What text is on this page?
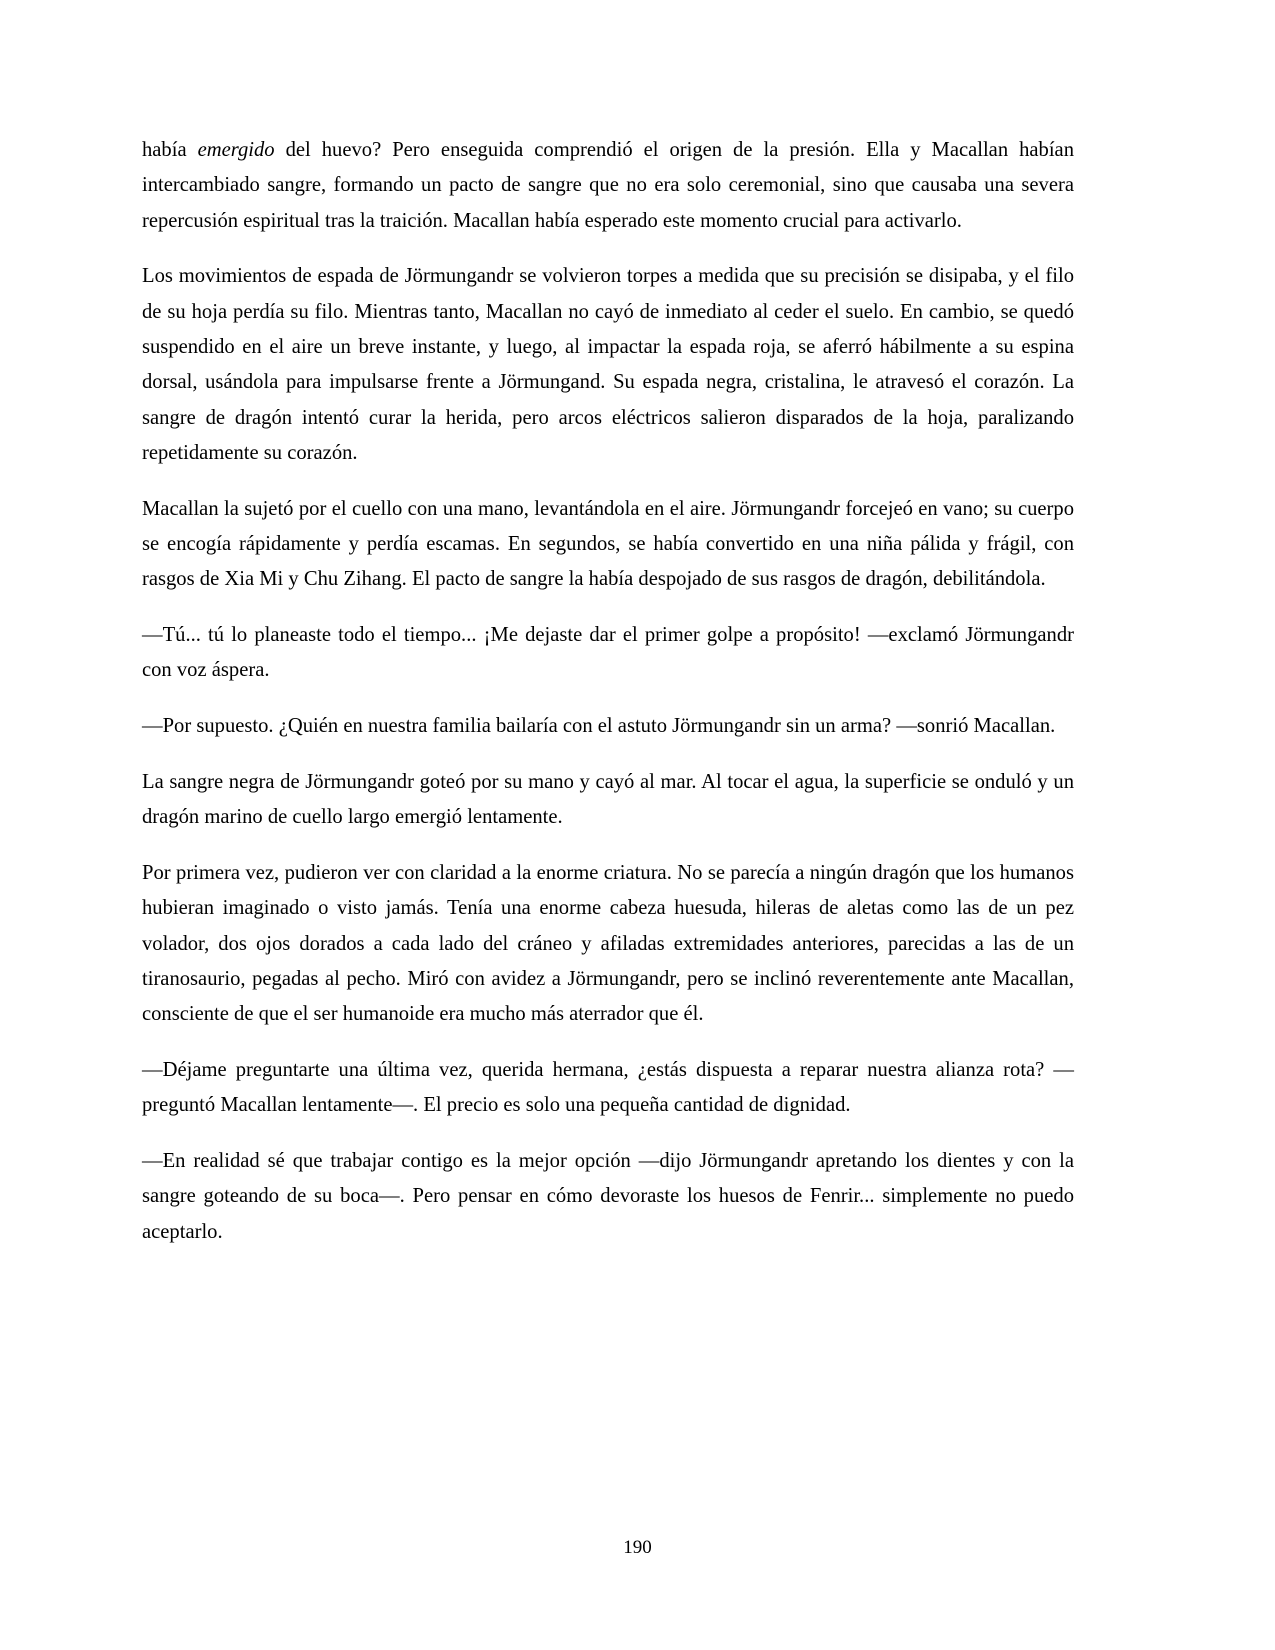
había emergido del huevo? Pero enseguida comprendió el origen de la presión. Ella y Macallan habían intercambiado sangre, formando un pacto de sangre que no era solo ceremonial, sino que causaba una severa repercusión espiritual tras la traición. Macallan había esperado este momento crucial para activarlo.

Los movimientos de espada de Jörmungandr se volvieron torpes a medida que su precisión se disipaba, y el filo de su hoja perdía su filo. Mientras tanto, Macallan no cayó de inmediato al ceder el suelo. En cambio, se quedó suspendido en el aire un breve instante, y luego, al impactar la espada roja, se aferró hábilmente a su espina dorsal, usándola para impulsarse frente a Jörmungand. Su espada negra, cristalina, le atravesó el corazón. La sangre de dragón intentó curar la herida, pero arcos eléctricos salieron disparados de la hoja, paralizando repetidamente su corazón.

Macallan la sujetó por el cuello con una mano, levantándola en el aire. Jörmungandr forcejeó en vano; su cuerpo se encogía rápidamente y perdía escamas. En segundos, se había convertido en una niña pálida y frágil, con rasgos de Xia Mi y Chu Zihang. El pacto de sangre la había despojado de sus rasgos de dragón, debilitándola.

—Tú... tú lo planeaste todo el tiempo... ¡Me dejaste dar el primer golpe a propósito! —exclamó Jörmungandr con voz áspera.

—Por supuesto. ¿Quién en nuestra familia bailaría con el astuto Jörmungandr sin un arma? —sonrió Macallan.

La sangre negra de Jörmungandr goteó por su mano y cayó al mar. Al tocar el agua, la superficie se onduló y un dragón marino de cuello largo emergió lentamente.

Por primera vez, pudieron ver con claridad a la enorme criatura. No se parecía a ningún dragón que los humanos hubieran imaginado o visto jamás. Tenía una enorme cabeza huesuda, hileras de aletas como las de un pez volador, dos ojos dorados a cada lado del cráneo y afiladas extremidades anteriores, parecidas a las de un tiranosaurio, pegadas al pecho. Miró con avidez a Jörmungandr, pero se inclinó reverentemente ante Macallan, consciente de que el ser humanoide era mucho más aterrador que él.

—Déjame preguntarte una última vez, querida hermana, ¿estás dispuesta a reparar nuestra alianza rota? —preguntó Macallan lentamente—. El precio es solo una pequeña cantidad de dignidad.

—En realidad sé que trabajar contigo es la mejor opción —dijo Jörmungandr apretando los dientes y con la sangre goteando de su boca—. Pero pensar en cómo devoraste los huesos de Fenrir... simplemente no puedo aceptarlo.

190
